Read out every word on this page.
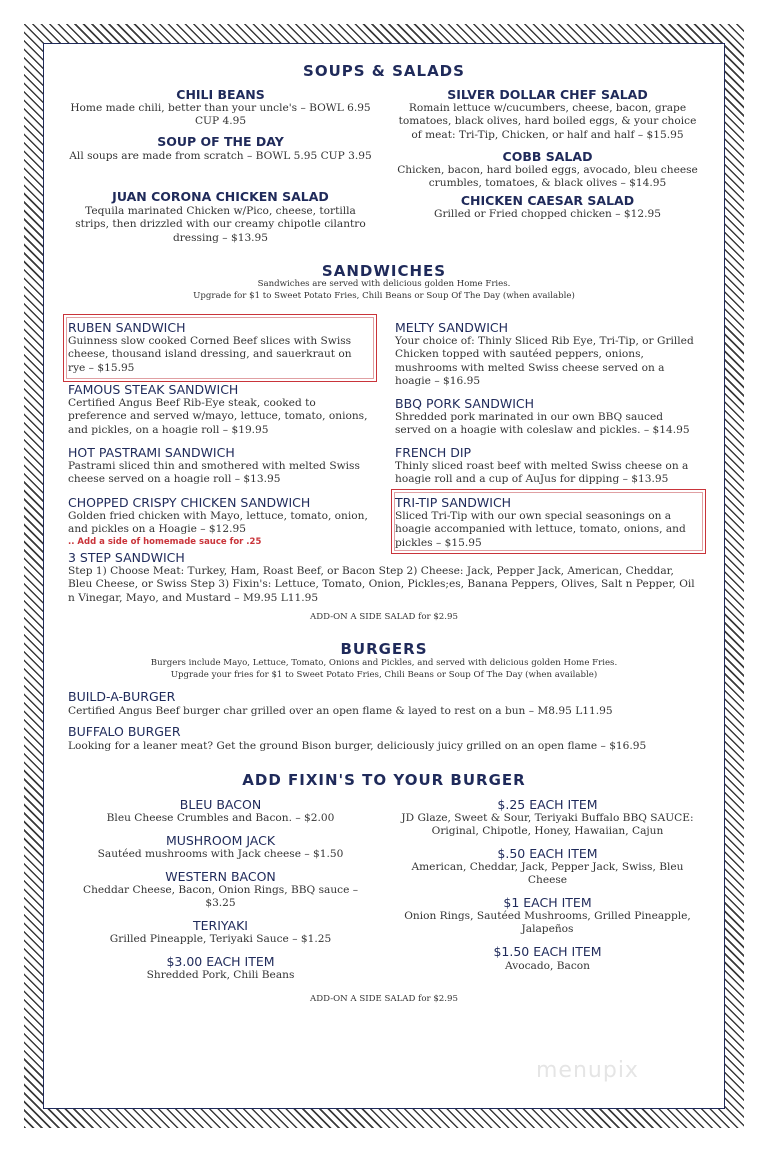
SOUPS & SALADS
CHILI BEANS
Home made chili, better than your uncle's – BOWL 6.95 CUP 4.95
SOUP OF THE DAY
All soups are made from scratch – BOWL 5.95 CUP 3.95
JUAN CORONA CHICKEN SALAD
Tequila marinated Chicken w/Pico, cheese, tortilla strips, then drizzled with our creamy chipotle cilantro dressing – $13.95
SILVER DOLLAR CHEF SALAD
Romain lettuce w/cucumbers, cheese, bacon, grape tomatoes, black olives, hard boiled eggs, & your choice of meat: Tri-Tip, Chicken, or half and half – $15.95
COBB SALAD
Chicken, bacon, hard boiled eggs, avocado, bleu cheese crumbles, tomatoes, & black olives – $14.95
CHICKEN CAESAR SALAD
Grilled or Fried chopped chicken – $12.95
SANDWICHES
Sandwiches are served with delicious golden Home Fries.
Upgrade for $1 to Sweet Potato Fries, Chili Beans or Soup Of The Day (when available)
RUBEN SANDWICH
Guinness slow cooked Corned Beef slices with Swiss cheese, thousand island dressing, and sauerkraut on rye – $15.95
FAMOUS STEAK SANDWICH
Certified Angus Beef Rib-Eye steak, cooked to preference and served w/mayo, lettuce, tomato, onions, and pickles, on a hoagie roll – $19.95
HOT PASTRAMI SANDWICH
Pastrami sliced thin and smothered with melted Swiss cheese served on a hoagie roll – $13.95
CHOPPED CRISPY CHICKEN SANDWICH
Golden fried chicken with Mayo, lettuce, tomato, onion, and pickles on a Hoagie – $12.95
.. Add a side of homemade sauce for .25
MELTY SANDWICH
Your choice of: Thinly Sliced Rib Eye, Tri-Tip, or Grilled Chicken topped with sautéed peppers, onions, mushrooms with melted Swiss cheese served on a hoagie – $16.95
BBQ PORK SANDWICH
Shredded pork marinated in our own BBQ sauced served on a hoagie with coleslaw and pickles. – $14.95
FRENCH DIP
Thinly sliced roast beef with melted Swiss cheese on a hoagie roll and a cup of AuJus for dipping – $13.95
TRI-TIP SANDWICH
Sliced Tri-Tip with our own special seasonings on a hoagie accompanied with lettuce, tomato, onions, and pickles – $15.95
3 STEP SANDWICH
Step 1) Choose Meat: Turkey, Ham, Roast Beef, or Bacon Step 2) Cheese: Jack, Pepper Jack, American, Cheddar, Bleu Cheese, or Swiss Step 3) Fixin's: Lettuce, Tomato, Onion, Pickles;es, Banana Peppers, Olives, Salt n Pepper, Oil n Vinegar, Mayo, and Mustard – M9.95 L11.95
ADD-ON A SIDE SALAD for $2.95
BURGERS
Burgers include Mayo, Lettuce, Tomato, Onions and Pickles, and served with delicious golden Home Fries.
Upgrade your fries for $1 to Sweet Potato Fries, Chili Beans or Soup Of The Day (when available)
BUILD-A-BURGER
Certified Angus Beef burger char grilled over an open flame & layed to rest on a bun – M8.95 L11.95
BUFFALO BURGER
Looking for a leaner meat? Get the ground Bison burger, deliciously juicy grilled on an open flame – $16.95
ADD FIXIN'S TO YOUR BURGER
BLEU BACON
Bleu Cheese Crumbles and Bacon. – $2.00
MUSHROOM JACK
Sautéed mushrooms with Jack cheese – $1.50
WESTERN BACON
Cheddar Cheese, Bacon, Onion Rings, BBQ sauce – $3.25
TERIYAKI
Grilled Pineapple, Teriyaki Sauce – $1.25
$3.00 EACH ITEM
Shredded Pork, Chili Beans
$.25 EACH ITEM
JD Glaze, Sweet & Sour, Teriyaki Buffalo BBQ SAUCE: Original, Chipotle, Honey, Hawaiian, Cajun
$.50 EACH ITEM
American, Cheddar, Jack, Pepper Jack, Swiss, Bleu Cheese
$1 EACH ITEM
Onion Rings, Sautéed Mushrooms, Grilled Pineapple, Jalapeños
$1.50 EACH ITEM
Avocado, Bacon
ADD-ON A SIDE SALAD for $2.95
menupix
